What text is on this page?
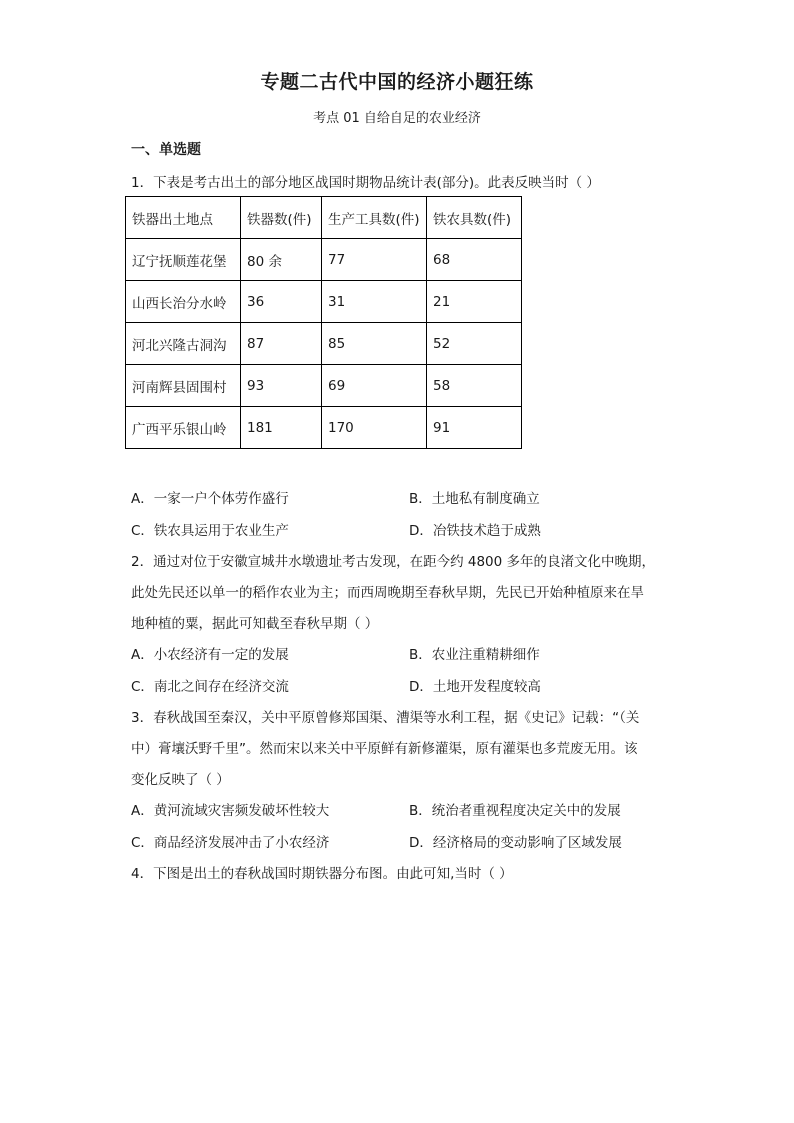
专题二古代中国的经济小题狂练
考点 01 自给自足的农业经济
一、单选题
1．下表是考古出土的部分地区战国时期物品统计表(部分)。此表反映当时（ ）
铁器出土地点	铁器数(件)	生产工具数(件)	铁农具数(件)
辽宁抚顺莲花堡	80 余	77	68
山西长治分水岭	36	31	21
河北兴隆古洞沟	87	85	52
河南辉县固围村	93	69	58
广西平乐银山岭	181	170	91
A．一家一户个体劳作盛行	B．土地私有制度确立
C．铁农具运用于农业生产	D．冶铁技术趋于成熟
2．通过对位于安徽宣城井水墩遗址考古发现，在距今约 4800 多年的良渚文化中晚期，
此处先民还以单一的稻作农业为主；而西周晚期至春秋早期，先民已开始种植原来在旱
地种植的粟，据此可知截至春秋早期（ ）
A．小农经济有一定的发展	B．农业注重精耕细作
C．南北之间存在经济交流	D．土地开发程度较高
3．春秋战国至秦汉，关中平原曾修郑国渠、漕渠等水利工程，据《史记》记载：“（关
中）膏壤沃野千里”。然而宋以来关中平原鲜有新修灌渠，原有灌渠也多荒废无用。该
变化反映了（ ）
A．黄河流域灾害频发破坏性较大	B．统治者重视程度决定关中的发展
C．商品经济发展冲击了小农经济	D．经济格局的变动影响了区域发展
4．下图是出土的春秋战国时期铁器分布图。由此可知,当时（ ）
